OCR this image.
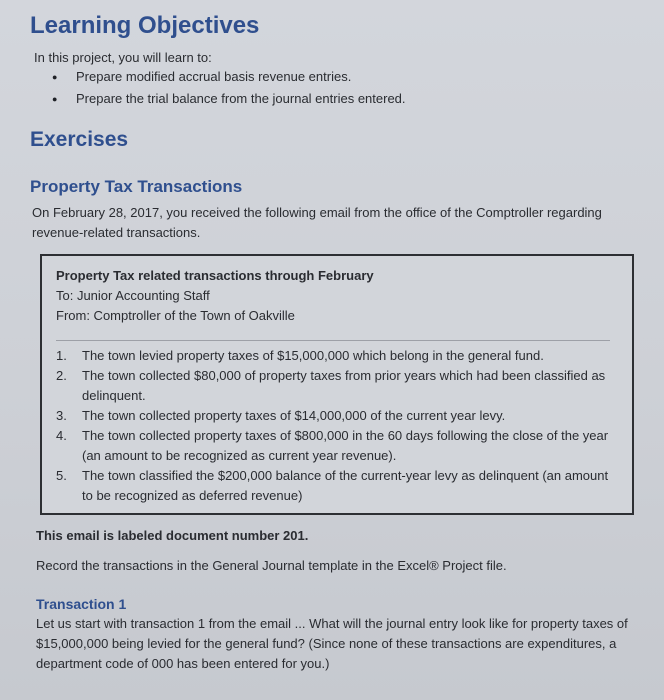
Learning Objectives
In this project, you will learn to:
● Prepare modified accrual basis revenue entries.
● Prepare the trial balance from the journal entries entered.
Exercises
Property Tax Transactions
On February 28, 2017, you received the following email from the office of the Comptroller regarding revenue-related transactions.
Property Tax related transactions through February
To: Junior Accounting Staff
From: Comptroller of the Town of Oakville
1. The town levied property taxes of $15,000,000 which belong in the general fund.
2. The town collected $80,000 of property taxes from prior years which had been classified as delinquent.
3. The town collected property taxes of $14,000,000 of the current year levy.
4. The town collected property taxes of $800,000 in the 60 days following the close of the year (an amount to be recognized as current year revenue).
5. The town classified the $200,000 balance of the current-year levy as delinquent (an amount to be recognized as deferred revenue)
This email is labeled document number 201.
Record the transactions in the General Journal template in the Excel® Project file.
Transaction 1
Let us start with transaction 1 from the email ... What will the journal entry look like for property taxes of $15,000,000 being levied for the general fund? (Since none of these transactions are expenditures, a department code of 000 has been entered for you.)
